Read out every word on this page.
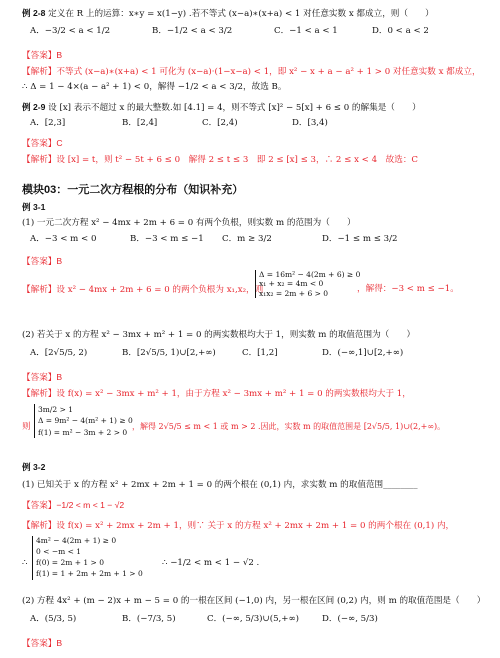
例 2-8 定义在 R 上的运算：x∗y = x(1−y) .若不等式 (x−a)∗(x+a) < 1 对任意实数 x 都成立，则（　　）
A．−3/2 < a < 1/2	B．−1/2 < a < 3/2	C．−1 < a < 1	D．0 < a < 2
【答案】B
【解析】不等式 (x−a)∗(x+a) < 1 可化为 (x−a)·(1−x−a) < 1，即 x² − x + a − a² + 1 > 0 对任意实数 x 都成立，
∴ Δ = 1 − 4×(a − a² + 1) < 0，解得 −1/2 < a < 3/2，故选 B。
例 2-9 设 [x] 表示不超过 x 的最大整数.如 [4.1] = 4，则不等式 [x]² − 5[x] + 6 ≤ 0 的解集是（　　）
A．[2,3]	B．[2,4]	C．[2,4)	D．[3,4)
【答案】C
【解析】设 [x] = t，则 t² − 5t + 6 ≤ 0　解得 2 ≤ t ≤ 3　即 2 ≤ [x] ≤ 3，∴ 2 ≤ x < 4　故选：C
模块03：一元二次方程根的分布（知识补充）
例 3-1
(1) 一元二次方程 x² − 4mx + 2m + 6 = 0 有两个负根，则实数 m 的范围为（　　）
A．−3 < m < 0	B．−3 < m ≤ −1 C．m ≥ 3/2	D．−1 ≤ m ≤ 3/2
【答案】B
【解析】设 x² − 4mx + 2m + 6 = 0 的两个负根为 x₁,x₂，则
Δ = 16m² − 4(2m + 6) ≥ 0
x₁ + x₂ = 4m < 0
x₁x₂ = 2m + 6 > 0	，解得：−3 < m ≤ −1。
(2) 若关于 x 的方程 x² − 3mx + m² + 1 = 0 的两实数根均大于 1，则实数 m 的取值范围为（　　）
A．[2√5/5, 2)	B．[2√5/5, 1)∪[2,+∞)	C．[1,2]	D．(−∞,1]∪[2,+∞)
【答案】B
【解析】设 f(x) = x² − 3mx + m² + 1，由于方程 x² − 3mx + m² + 1 = 0 的两实数根均大于 1，
则
3m/2 > 1
Δ = 9m² − 4(m² + 1) ≥ 0
f(1) = m² − 3m + 2 > 0
，解得 2√5/5 ≤ m < 1 或 m > 2 .因此，实数 m 的取值范围是 [2√5/5, 1)∪(2,+∞)。
例 3-2
(1) 已知关于 x 的方程 x² + 2mx + 2m + 1 = 0 的两个根在 (0,1) 内，求实数 m 的取值范围________
【答案】−1/2 < m < 1 − √2
【解析】设 f(x) = x² + 2mx + 2m + 1，则∵ 关于 x 的方程 x² + 2mx + 2m + 1 = 0 的两个根在 (0,1) 内，
∴
4m² − 4(2m + 1) ≥ 0
0 < −m < 1
f(0) = 2m + 1 > 0
f(1) = 1 + 2m + 2m + 1 > 0
∴ −1/2 < m < 1 − √2 .
(2) 方程 4x² + (m − 2)x + m − 5 = 0 的一根在区间 (−1,0) 内，另一根在区间 (0,2) 内，则 m 的取值范围是（　　）
A．(5/3, 5)	B．(−7/3, 5)	C．(−∞, 5/3)∪(5,+∞)	D．(−∞, 5/3)
【答案】B
